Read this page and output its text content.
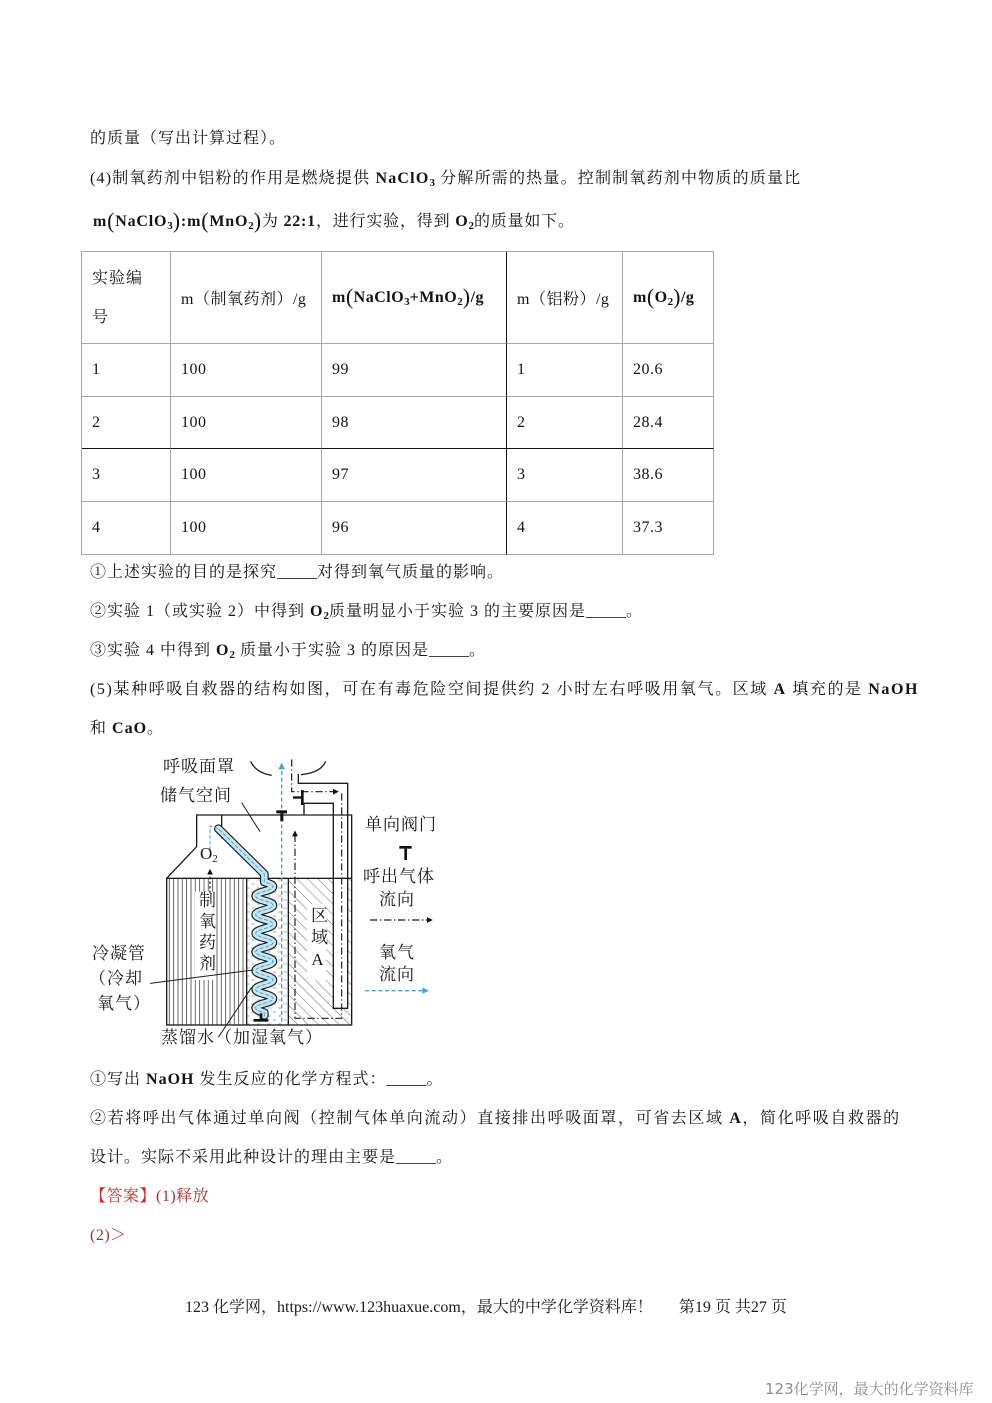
的质量（写出计算过程）。
(4)制氧药剂中铝粉的作用是燃烧提供 NaClO$_3$ 分解所需的热量。控制制氧药剂中物质的质量比
m(NaClO$_3$):m(MnO$_2$)为 22:1，进行实验，得到 $O_2$的质量如下。
实验编号	m（制氧药剂）/g	m(NaClO$_3$+MnO$_2$)/g	m（铝粉）/g	$m(O_2)/g$
1	100	99	1	20.6
2	100	98	2	28.4
3	100	97	3	38.6
4	100	96	4	37.3
①上述实验的目的是探究_____对得到氧气质量的影响。
②实验 1（或实验 2）中得到 $O_2$质量明显小于实验 3 的主要原因是_____。
③实验 4 中得到 $O_2$ 质量小于实验 3 的原因是_____。
(5)某种呼吸自救器的结构如图，可在有毒危险空间提供约 2 小时左右呼吸用氧气。区域 A 填充的是 NaOH
和 CaO。
呼吸面罩
储气空间
$O_2$
制氧药剂
冷凝管
（冷却
氧气）
区域A
蒸馏水（加湿氧气）
单向阀门
呼出气体
流向
氧气
流向
①写出 NaOH 发生反应的化学方程式：_____。
②若将呼出气体通过单向阀（控制气体单向流动）直接排出呼吸面罩，可省去区域 A，简化呼吸自救器的
设计。实际不采用此种设计的理由主要是_____。
【答案】(1)释放
(2)＞
123 化学网，https://www.123huaxue.com，最大的中学化学资料库！ 第19 页 共27 页
123化学网，最大的化学资料库
